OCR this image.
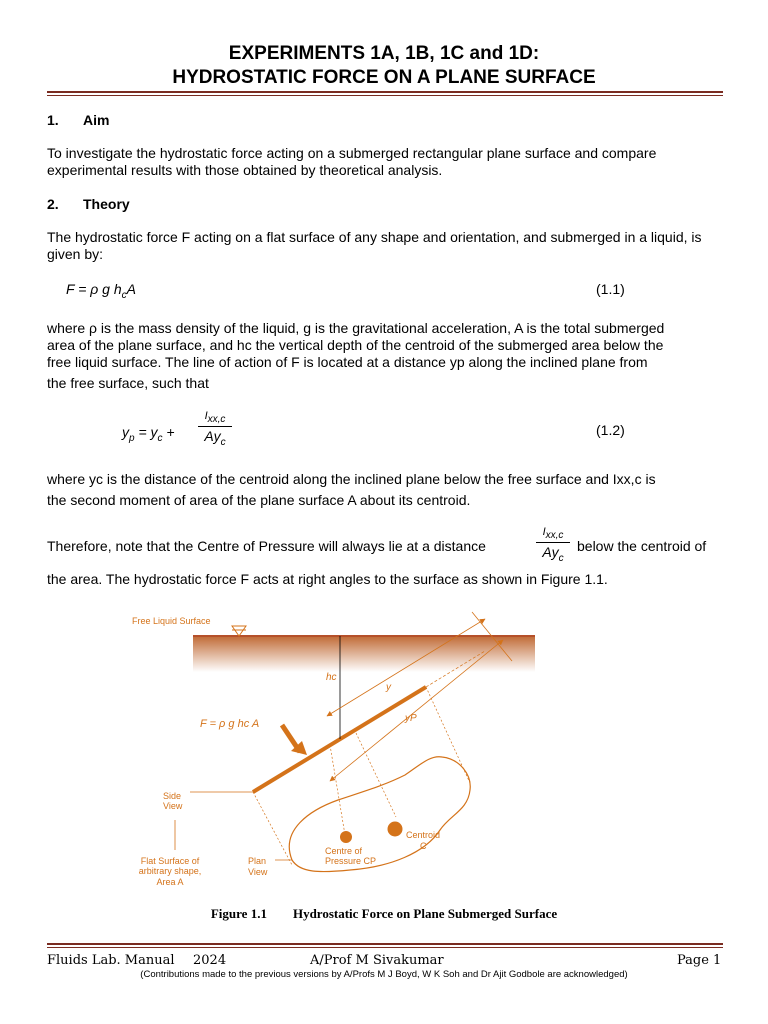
EXPERIMENTS 1A, 1B, 1C and 1D:
HYDROSTATIC FORCE ON A PLANE SURFACE
1. Aim
To investigate the hydrostatic force acting on a submerged rectangular plane surface and compare experimental results with those obtained by theoretical analysis.
2. Theory
The hydrostatic force F acting on a flat surface of any shape and orientation, and submerged in a liquid, is given by:
F = ρ g $h_cA$	(1.1)
where ρ is the mass density of the liquid, g is the gravitational acceleration, A is the total submerged
area of the plane surface, and hc the vertical depth of the centroid of the submerged area below the
free liquid surface. The line of action of F is located at a distance yp along the inclined plane from
the free surface, such that
$y_p = y_c$ +
$I_{xx,c}$
$Ay_c$
(1.2)
where yc is the distance of the centroid along the inclined plane below the free surface and Ixx,c is
the second moment of area of the plane surface A about its centroid.
Therefore, note that the Centre of Pressure will always lie at a distance
$I_{xx,c}$
$Ay_c$
below the centroid of
the area. The hydrostatic force F acts at right angles to the surface as shown in Figure 1.1.
Free Liquid Surface
hc
y
yP
F = ρ g hc A
Centre of
Pressure CP
Centroid
C
Side
View
Flat Surface of
arbitrary shape,
Area A
Plan
View
Figure 1.1 Hydrostatic Force on Plane Submerged Surface
Fluids Lab. Manual 2024	A/Prof M Sivakumar	Page 1
(Contributions made to the previous versions by A/Profs M J Boyd, W K Soh and Dr Ajit Godbole are acknowledged)
